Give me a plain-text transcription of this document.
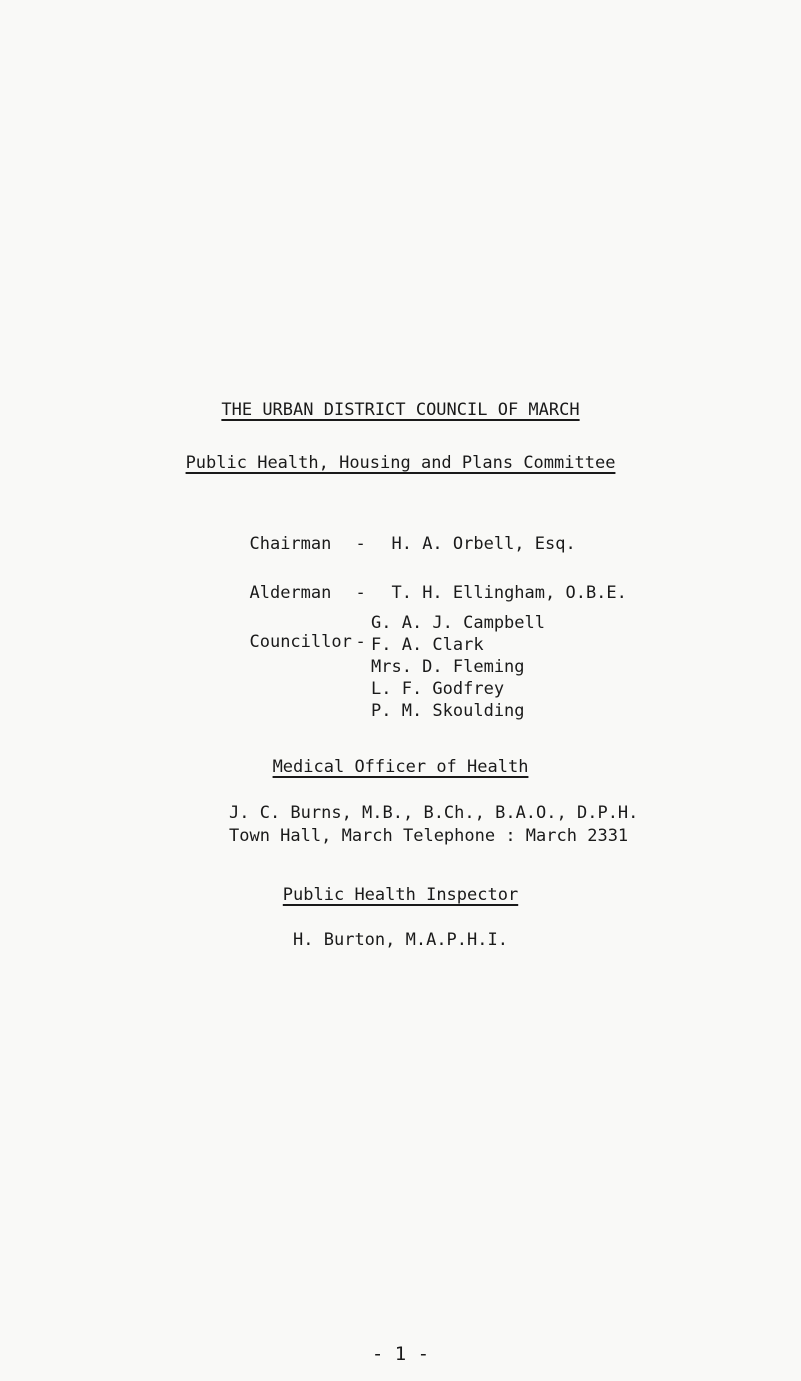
THE URBAN DISTRICT COUNCIL OF MARCH
Public Health, Housing and Plans Committee

Chairman - H. A. Orbell, Esq.

Alderman - T. H. Ellingham, O.B.E.

Councillor -

G. A. J. Campbell
F. A. Clark
Mrs. D. Fleming
L. F. Godfrey
P. M. Skoulding
Medical Officer of Health
J. C. Burns, M.B., B.Ch., B.A.O., D.P.H.
Town Hall, March Telephone : March 2331
Public Health Inspector
H. Burton, M.A.P.H.I.
- 1 -
